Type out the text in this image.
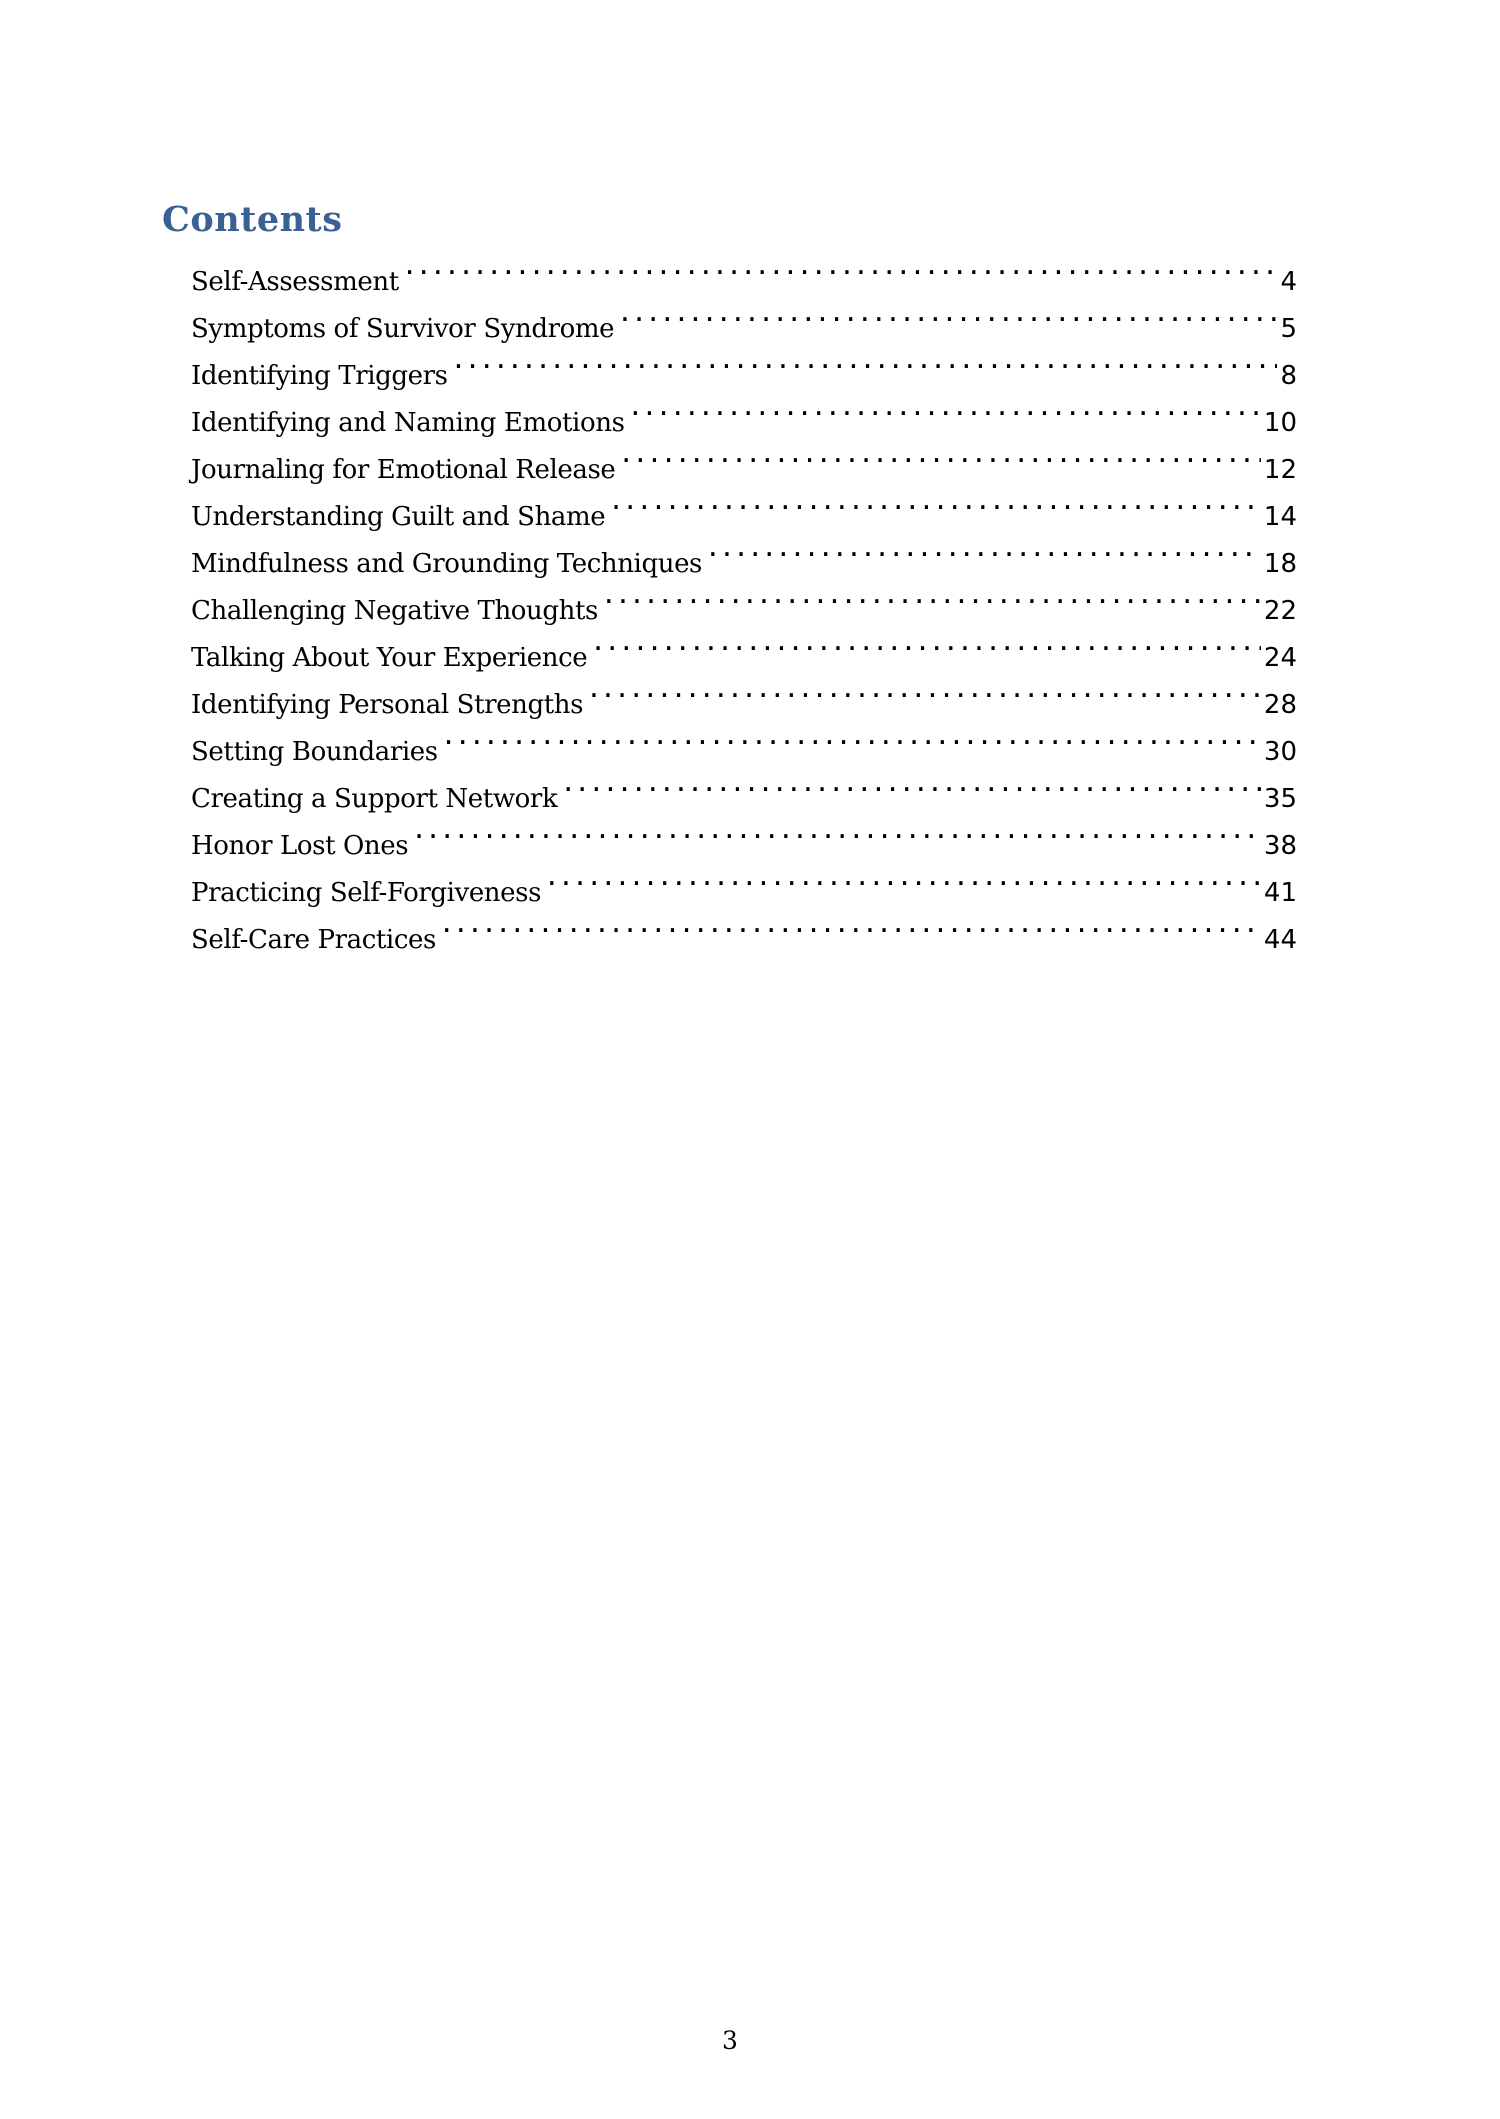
Contents
Self-Assessment . . .	4
Symptoms of Survivor Syndrome . . .	5
Identifying Triggers . . .	8
Identifying and Naming Emotions . . .	10
Journaling for Emotional Release . . .	12
Understanding Guilt and Shame . . .	14
Mindfulness and Grounding Techniques . . .	18
Challenging Negative Thoughts . . .	22
Talking About Your Experience . . .	24
Identifying Personal Strengths . . .	28
Setting Boundaries . . .	30
Creating a Support Network . . .	35
Honor Lost Ones . . .	38
Practicing Self-Forgiveness . . .	41
Self-Care Practices . . .	44
3
